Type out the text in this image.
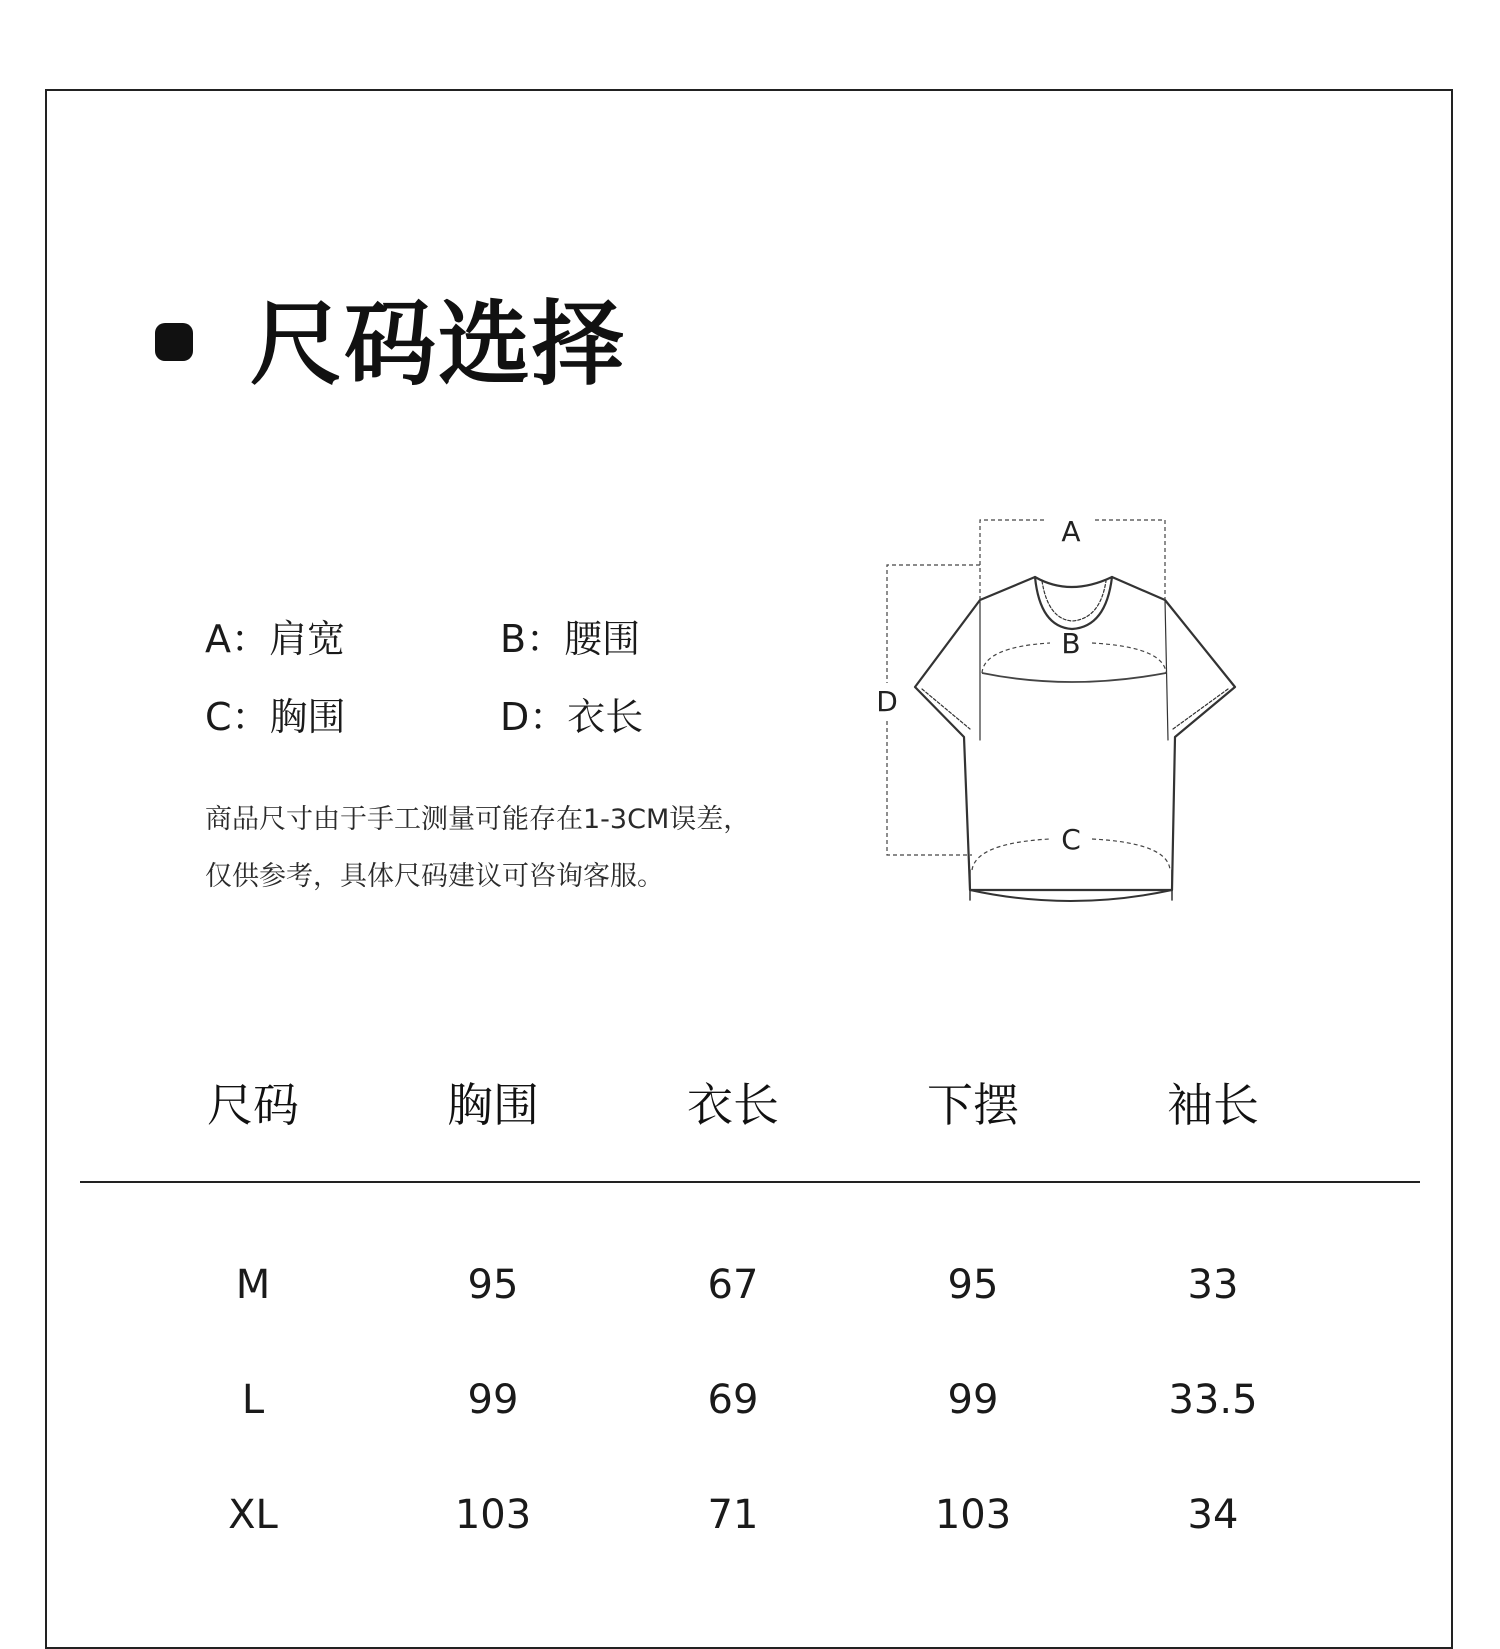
尺码选择
A：肩宽	B：腰围
C：胸围	D：衣长
商品尺寸由于手工测量可能存在1-3CM误差，
仅供参考，具体尺码建议可咨询客服。
A
B
C
D
尺码	胸围	衣长	下摆	袖长
M	95	67	95	33
L	99	69	99	33.5
XL	103	71	103	34
